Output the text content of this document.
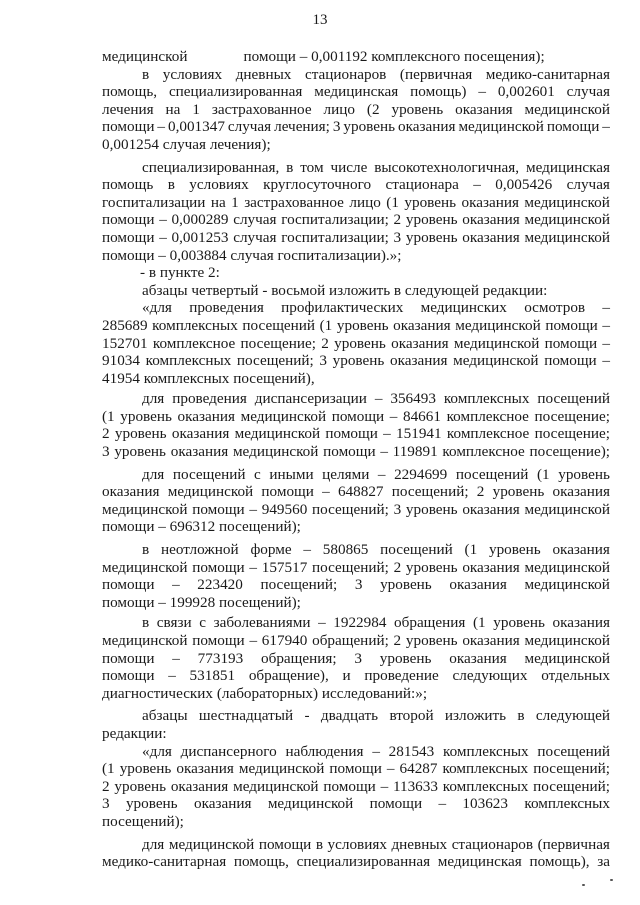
13
медицинской	помощи – 0,001192 комплексного посещения);
в условиях дневных стационаров (первичная медико-санитарная
помощь, специализированная медицинская помощь) – 0,002601 случая
лечения на 1 застрахованное лицо (2 уровень оказания медицинской
помощи – 0,001347 случая лечения; 3 уровень оказания медицинской помощи –
0,001254 случая лечения);
специализированная, в том числе высокотехнологичная, медицинская
помощь в условиях круглосуточного стационара – 0,005426 случая
госпитализации на 1 застрахованное лицо (1 уровень оказания медицинской
помощи – 0,000289 случая госпитализации; 2 уровень оказания медицинской
помощи – 0,001253 случая госпитализации; 3 уровень оказания медицинской
помощи – 0,003884 случая госпитализации).»;
- в пункте 2:
абзацы четвертый - восьмой изложить в следующей редакции:
«для проведения профилактических медицинских осмотров –
285689 комплексных посещений (1 уровень оказания медицинской помощи –
152701 комплексное посещение; 2 уровень оказания медицинской помощи –
91034 комплексных посещений; 3 уровень оказания медицинской помощи –
41954 комплексных посещений),
для проведения диспансеризации – 356493 комплексных посещений
(1 уровень оказания медицинской помощи – 84661 комплексное посещение;
2 уровень оказания медицинской помощи – 151941 комплексное посещение;
3 уровень оказания медицинской помощи – 119891 комплексное посещение);
для посещений с иными целями – 2294699 посещений (1 уровень
оказания медицинской помощи – 648827 посещений; 2 уровень оказания
медицинской помощи – 949560 посещений; 3 уровень оказания медицинской
помощи – 696312 посещений);
в неотложной форме – 580865 посещений (1 уровень оказания
медицинской помощи – 157517 посещений; 2 уровень оказания медицинской
помощи – 223420 посещений; 3 уровень оказания медицинской
помощи – 199928 посещений);
в связи с заболеваниями – 1922984 обращения (1 уровень оказания
медицинской помощи – 617940 обращений; 2 уровень оказания медицинской
помощи – 773193 обращения; 3 уровень оказания медицинской
помощи – 531851 обращение), и проведение следующих отдельных
диагностических (лабораторных) исследований:»;
абзацы шестнадцатый - двадцать второй изложить в следующей
редакции:
«для диспансерного наблюдения – 281543 комплексных посещений
(1 уровень оказания медицинской помощи – 64287 комплексных посещений;
2 уровень оказания медицинской помощи – 113633 комплексных посещений;
3 уровень оказания медицинской помощи – 103623 комплексных
посещений);
для медицинской помощи в условиях дневных стационаров (первичная
медико-санитарная помощь, специализированная медицинская помощь), за
